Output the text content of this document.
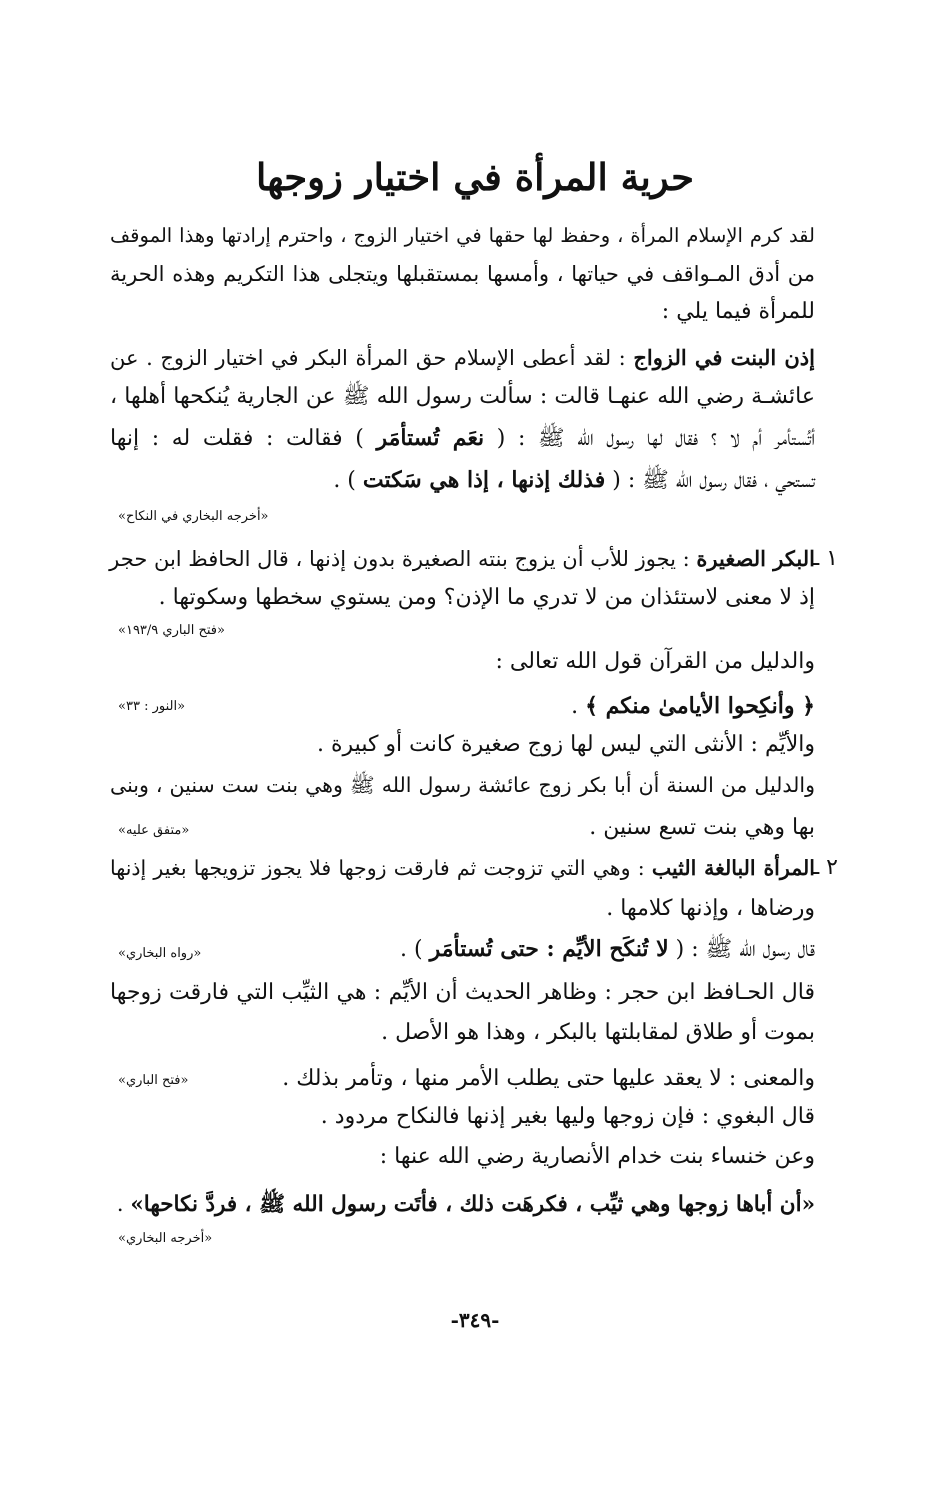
حرية المرأة في اختيار زوجها
لقد كرم الإسلام المرأة ، وحفظ لها حقها في اختيار الزوج ، واحترم إرادتها وهذا الموقف
من أدق المـواقف في حياتها ، وأمسها بمستقبلها ويتجلى هذا التكريم وهذه الحرية
للمرأة فيما يلي :
إذن البنت في الزواج : لقد أعطى الإسلام حق المرأة البكر في اختيار الزوج . عن
عائشـة رضي الله عنهـا قالت : سألت رسول الله ﷺ عن الجارية يُنكحها أهلها ،
أتُستأمر أم لا ؟ فقال لها رسول الله ﷺ : ( نعَم تُستأمَر ) فقالت : فقلت له : إنها
تستحي ، فقال رسول الله ﷺ : ( فذلك إذنها ، إذا هي سَكتت ) .
«أخرجه البخاري في النكاح»
١ ـ
البكر الصغيرة : يجوز للأب أن يزوج بنته الصغيرة بدون إذنها ، قال الحافظ ابن حجر
إذ لا معنى لاستئذان من لا تدري ما الإذن؟ ومن يستوي سخطها وسكوتها .
«فتح الباري ١٩٣/٩»
والدليل من القرآن قول الله تعالى :
﴿ وأنكِحوا الأيامىٰ منكم ﴾ .
«النور : ٣٣»
والأيِّم : الأنثى التي ليس لها زوج صغيرة كانت أو كبيرة .
والدليل من السنة أن أبا بكر زوج عائشة رسول الله ﷺ وهي بنت ست سنين ، وبنى
بها وهي بنت تسع سنين .
«متفق عليه»
٢ ـ
المرأة البالغة الثيب : وهي التي تزوجت ثم فارقت زوجها فلا يجوز تزويجها بغير إذنها
ورضاها ، وإذنها كلامها .
قال رسول الله ﷺ : ( لا تُنكَح الأيِّم : حتى تُستأمَر ) .
«رواه البخاري»
قال الحـافظ ابن حجر : وظاهر الحديث أن الأيِّم : هي الثيِّب التي فارقت زوجها
بموت أو طلاق لمقابلتها بالبكر ، وهذا هو الأصل .
والمعنى : لا يعقد عليها حتى يطلب الأمر منها ، وتأمر بذلك .
«فتح الباري»
قال البغوي : فإن زوجها وليها بغير إذنها فالنكاح مردود .
وعن خنساء بنت خدام الأنصارية رضي الله عنها :
«أن أباها زوجها وهي ثيِّب ، فكرهَت ذلك ، فأتَت رسول الله ﷺ ، فردَّ نكاحها» .
«أخرجه البخاري»
-٣٤٩-
